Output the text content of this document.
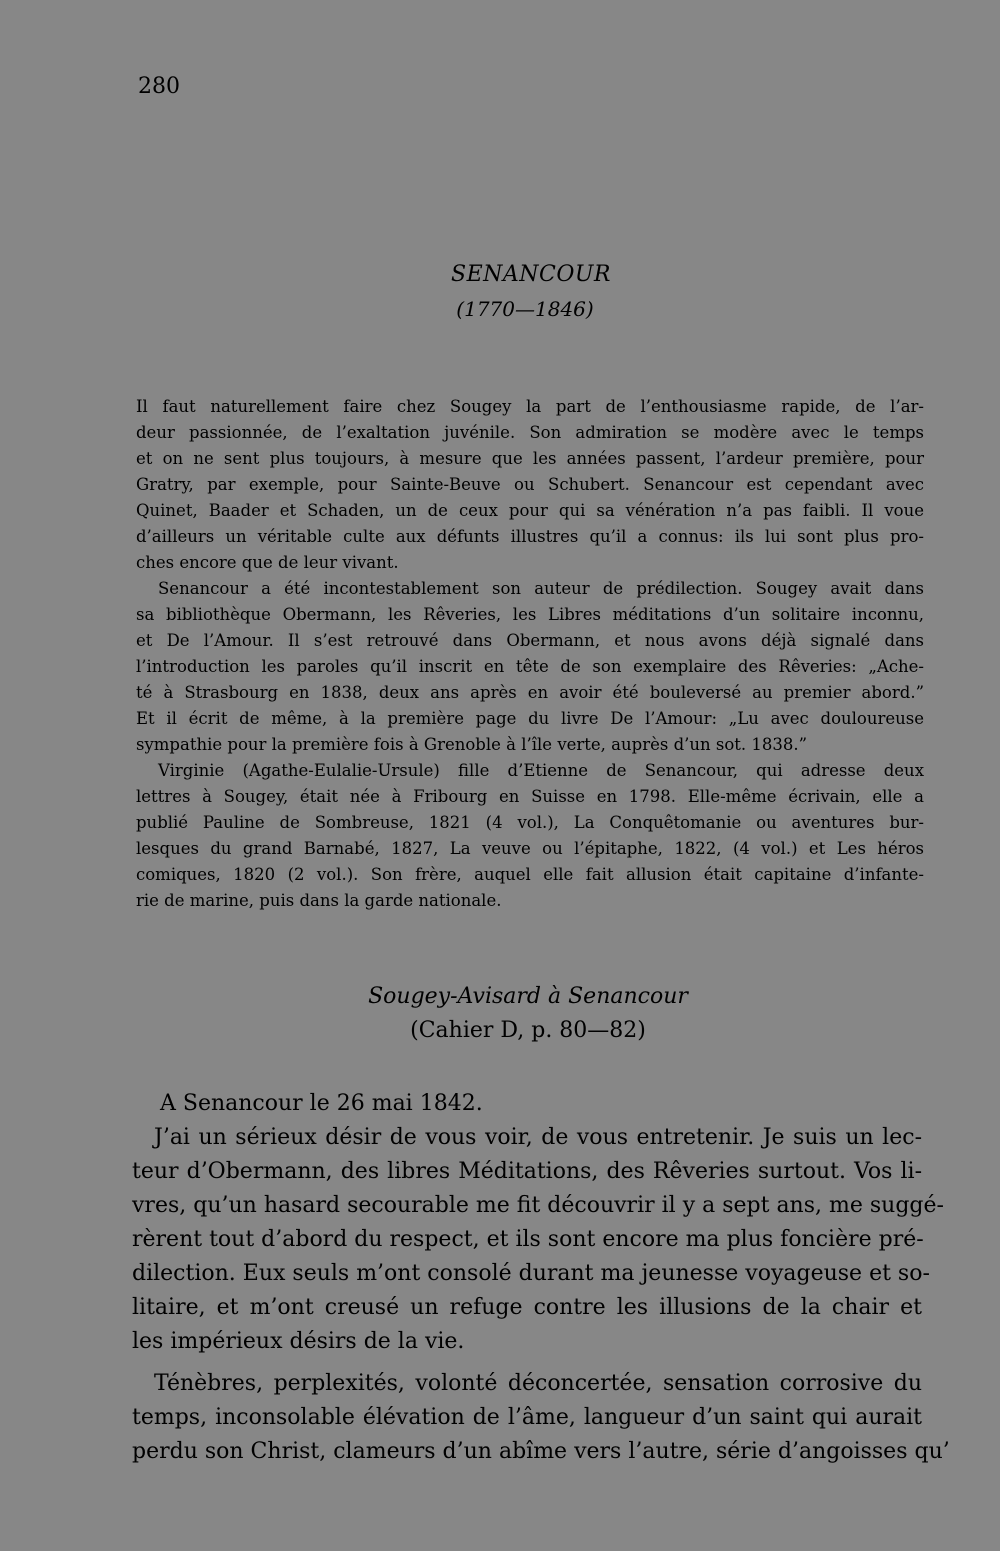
280
SENANCOUR
(1770—1846)
Il faut naturellement faire chez Sougey la part de l’enthousiasme rapide, de l’ar-
deur passionnée, de l’exaltation juvénile. Son admiration se modère avec le temps
et on ne sent plus toujours, à mesure que les années passent, l’ardeur première, pour
Gratry, par exemple, pour Sainte-Beuve ou Schubert. Senancour est cependant avec
Quinet, Baader et Schaden, un de ceux pour qui sa vénération n’a pas faibli. Il voue
d’ailleurs un véritable culte aux défunts illustres qu’il a connus: ils lui sont plus pro-
ches encore que de leur vivant.
Senancour a été incontestablement son auteur de prédilection. Sougey avait dans
sa bibliothèque Obermann, les Rêveries, les Libres méditations d’un solitaire inconnu,
et De l’Amour. Il s’est retrouvé dans Obermann, et nous avons déjà signalé dans
l’introduction les paroles qu’il inscrit en tête de son exemplaire des Rêveries: „Ache-
té à Strasbourg en 1838, deux ans après en avoir été bouleversé au premier abord.”
Et il écrit de même, à la première page du livre De l’Amour: „Lu avec douloureuse
sympathie pour la première fois à Grenoble à l’île verte, auprès d’un sot. 1838.”
Virginie (Agathe-Eulalie-Ursule) fille d’Etienne de Senancour, qui adresse deux
lettres à Sougey, était née à Fribourg en Suisse en 1798. Elle-même écrivain, elle a
publié Pauline de Sombreuse, 1821 (4 vol.), La Conquêtomanie ou aventures bur-
lesques du grand Barnabé, 1827, La veuve ou l’épitaphe, 1822, (4 vol.) et Les héros
comiques, 1820 (2 vol.). Son frère, auquel elle fait allusion était capitaine d’infante-
rie de marine, puis dans la garde nationale.
Sougey-Avisard à Senancour
(Cahier D, p. 80—82)
A Senancour le 26 mai 1842.
J’ai un sérieux désir de vous voir, de vous entretenir. Je suis un lec-
teur d’Obermann, des libres Méditations, des Rêveries surtout. Vos li-
vres, qu’un hasard secourable me fit découvrir il y a sept ans, me suggé-
rèrent tout d’abord du respect, et ils sont encore ma plus foncière pré-
dilection. Eux seuls m’ont consolé durant ma jeunesse voyageuse et so-
litaire, et m’ont creusé un refuge contre les illusions de la chair et
les impérieux désirs de la vie.
Ténèbres, perplexités, volonté déconcertée, sensation corrosive du
temps, inconsolable élévation de l’âme, langueur d’un saint qui aurait
perdu son Christ, clameurs d’un abîme vers l’autre, série d’angoisses qu’
